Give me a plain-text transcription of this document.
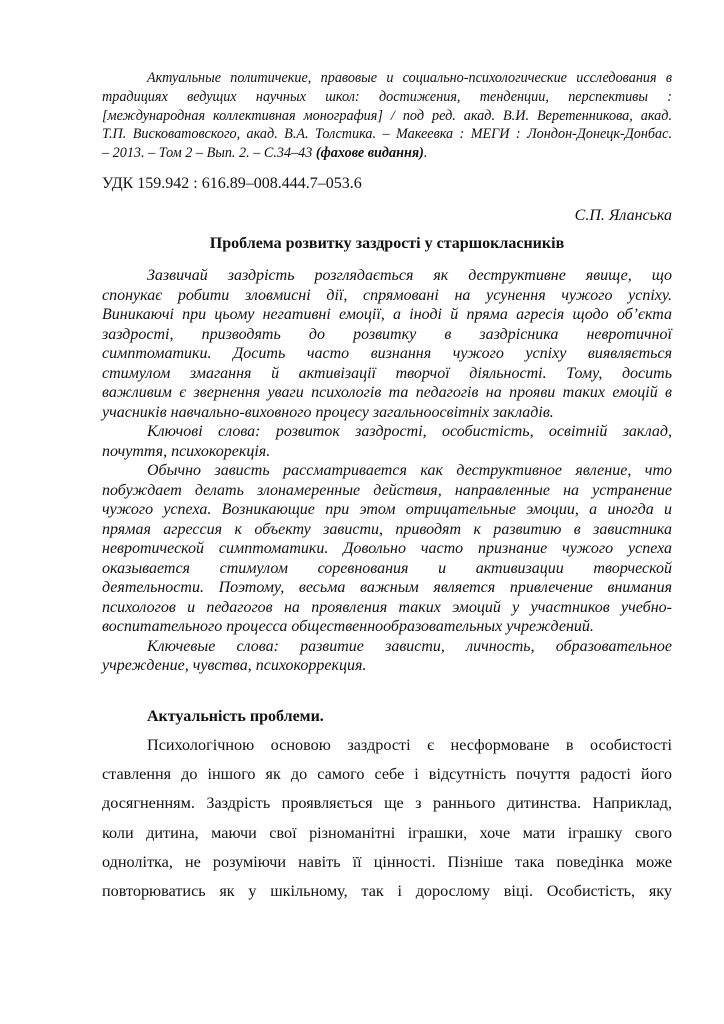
Актуальные политичекие, правовые и социально-психологические исследования в
традициях ведущих научных школ: достижения, тенденции, перспективы :
[международная коллективная монография] / под ред. акад. В.И. Веретенникова, акад.
Т.П. Висковатовского, акад. В.А. Толстика. – Макеевка : МЕГИ : Лондон-Донецк-Донбас.
– 2013. – Том 2 – Вып. 2. – С.34–43 (фахове видання).
УДК 159.942 : 616.89–008.444.7–053.6
С.П. Яланська
Проблема розвитку заздрості у старшокласників
Зазвичай заздрість розглядається як деструктивне явище, що
спонукає робити зловмисні дії, спрямовані на усунення чужого успіху.
Виникаючі при цьому негативні емоції, а іноді й пряма агресія щодо об’єкта
заздрості, призводять до розвитку в заздрісника невротичної
симптоматики. Досить часто визнання чужого успіху виявляється
стимулом змагання й активізації творчої діяльності. Тому, досить
важливим є звернення уваги психологів та педагогів на прояви таких емоцій в
учасників навчально-виховного процесу загальноосвітніх закладів.
Ключові слова: розвиток заздрості, особистість, освітній заклад,
почуття, психокорекція.
Обычно зависть рассматривается как деструктивное явление, что
побуждает делать злонамеренные действия, направленные на устранение
чужого успеха. Возникающие при этом отрицательные эмоции, а иногда и
прямая агрессия к объекту зависти, приводят к развитию в завистника
невротической симптоматики. Довольно часто признание чужого успеха
оказывается стимулом соревнования и активизации творческой
деятельности. Поэтому, весьма важным является привлечение внимания
психологов и педагогов на проявления таких эмоций у участников учебно-
воспитательного процесса общественнообразовательных учреждений.
Ключевые слова: развитие зависти, личность, образовательное
учреждение, чувства, психокоррекция.
Актуальність проблеми.
Психологічною основою заздрості є несформоване в особистості
ставлення до іншого як до самого себе і відсутність почуття радості його
досягненням. Заздрість проявляється ще з раннього дитинства. Наприклад,
коли дитина, маючи свої різноманітні іграшки, хоче мати іграшку свого
однолітка, не розуміючи навіть її цінності. Пізніше така поведінка може
повторюватись як у шкільному, так і дорослому віці. Особистість, яку
